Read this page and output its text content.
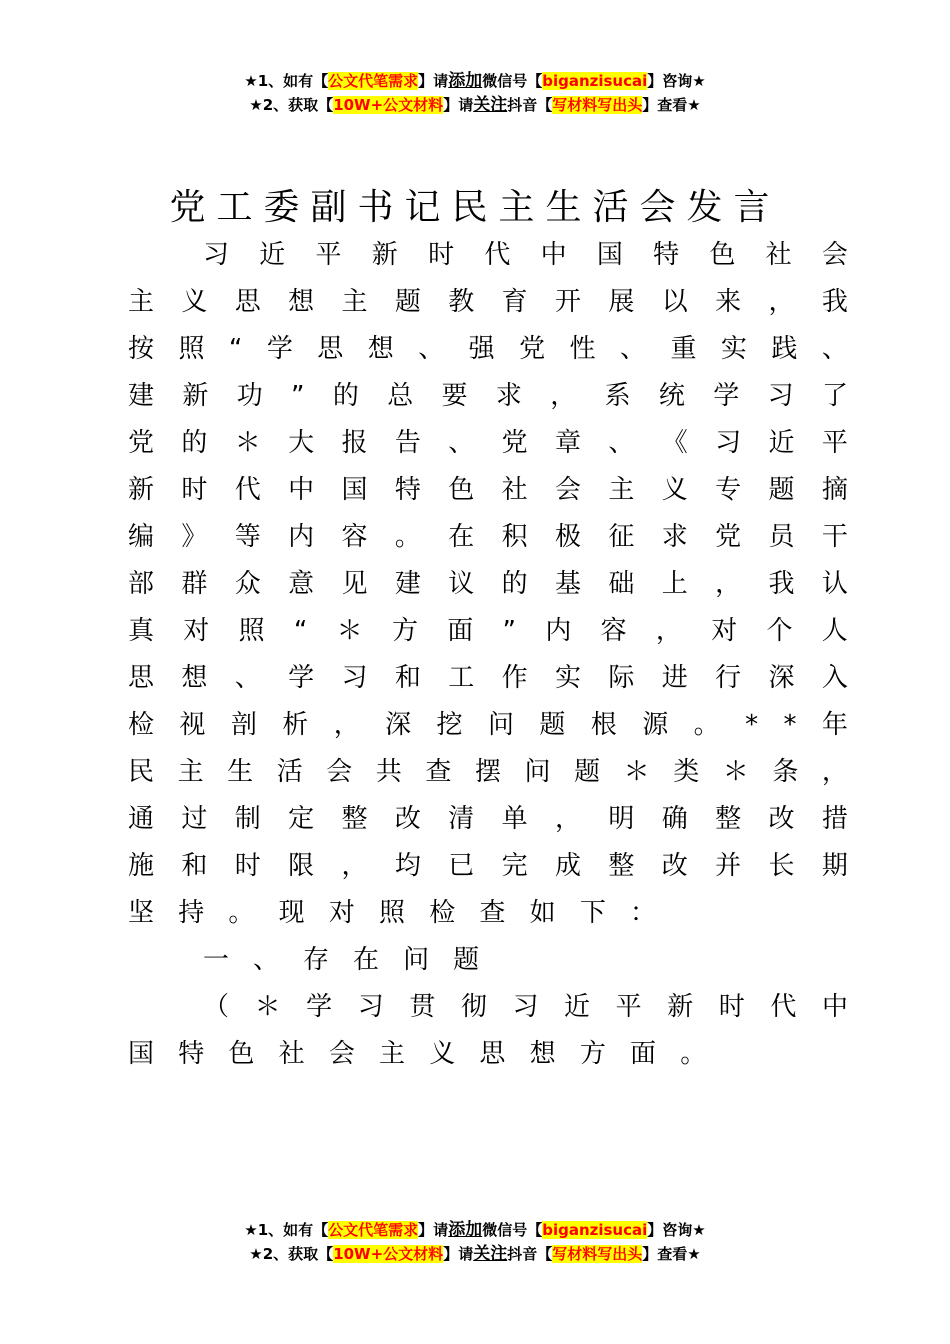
★1、如有【公文代笔需求】请添加微信号【biganzisucai】咨询★
★2、获取【10W+公文材料】请关注抖音【写材料写出头】查看★
党工委副书记民主生活会发言
习 近 平 新 时 代 中 国 特 色 社 会
主 义 思 想 主 题 教 育 开 展 以 来 ， 我
按 照 “ 学 思 想 、 强 党 性 、 重 实 践 、
建 新 功 ” 的 总 要 求 ， 系 统 学 习 了
党 的 ＊ 大 报 告 、 党 章 、 《 习 近 平
新 时 代 中 国 特 色 社 会 主 义 专 题 摘
编 》 等 内 容 。 在 积 极 征 求 党 员 干
部 群 众 意 见 建 议 的 基 础 上 ， 我 认
真 对 照 “ ＊ 方 面 ” 内 容 ， 对 个 人
思 想 、 学 习 和 工 作 实 际 进 行 深 入
检 视 剖 析 ， 深 挖 问 题 根 源 。 * * 年
民 主 生 活 会 共 查 摆 问 题 ＊ 类 ＊ 条 ，
通 过 制 定 整 改 清 单 ， 明 确 整 改 措
施 和 时 限 ， 均 已 完 成 整 改 并 长 期
坚 持 。 现 对 照 检 查 如 下 ：
一 、 存 在 问 题
（ ＊ 学 习 贯 彻 习 近 平 新 时 代 中
国 特 色 社 会 主 义 思 想 方 面 。
★1、如有【公文代笔需求】请添加微信号【biganzisucai】咨询★
★2、获取【10W+公文材料】请关注抖音【写材料写出头】查看★
